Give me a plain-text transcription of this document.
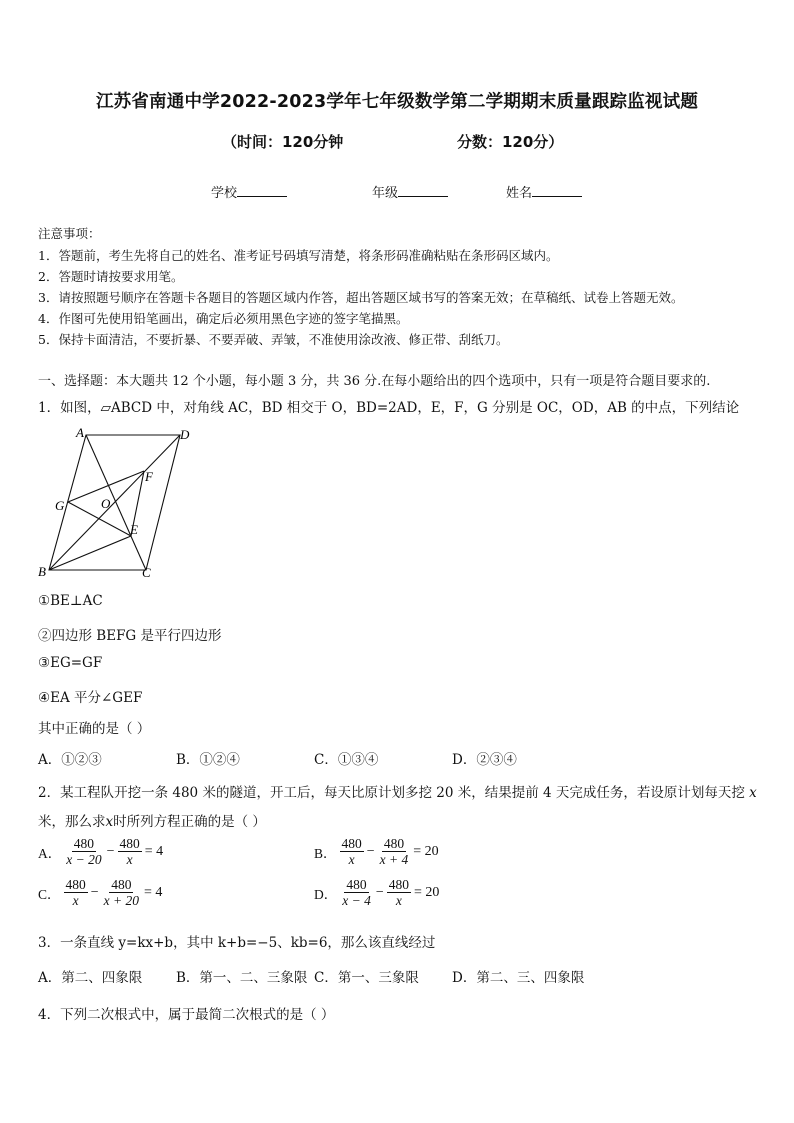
江苏省南通中学2022-2023学年七年级数学第二学期期末质量跟踪监视试题
（时间：120分钟	分数：120分）
学校	年级	姓名
注意事项：
1．答题前，考生先将自己的姓名、准考证号码填写清楚，将条形码准确粘贴在条形码区域内。
2．答题时请按要求用笔。
3．请按照题号顺序在答题卡各题目的答题区域内作答，超出答题区域书写的答案无效；在草稿纸、试卷上答题无效。
4．作图可先使用铅笔画出，确定后必须用黑色字迹的签字笔描黑。
5．保持卡面清洁，不要折暴、不要弄破、弄皱，不准使用涂改液、修正带、刮纸刀。
一、选择题：本大题共 12 个小题，每小题 3 分，共 36 分.在每小题给出的四个选项中，只有一项是符合题目要求的.
1．如图，▱ABCD 中，对角线 AC，BD 相交于 O，BD=2AD，E，F，G 分别是 OC，OD，AB 的中点，下列结论
A	D
F
G	O
E
B	C
①BE⊥AC
②四边形 BEFG 是平行四边形
③EG=GF
④EA 平分∠GEF
其中正确的是（ ）
A．①②③	B．①②④	C．①③④	D．②③④
2．某工程队开挖一条 480 米的隧道，开工后，每天比原计划多挖 20 米，结果提前 4 天完成任务，若设原计划每天挖 x
米，那么求x时所列方程正确的是（ ）
A． $\frac{480}{x - 20} - \frac{480}{x} = 4$	B． $\frac{480}{x} - \frac{480}{x + 4} = 20$
C． $\frac{480}{x} - \frac{480}{x + 20} = 4$	D． $\frac{480}{x - 4} - \frac{480}{x} = 20$
3．一条直线 y=kx+b，其中 k+b=−5、kb=6，那么该直线经过
A．第二、四象限	B．第一、二、三象限 C．第一、三象限 D．第二、三、四象限
4．下列二次根式中，属于最简二次根式的是（ ）
